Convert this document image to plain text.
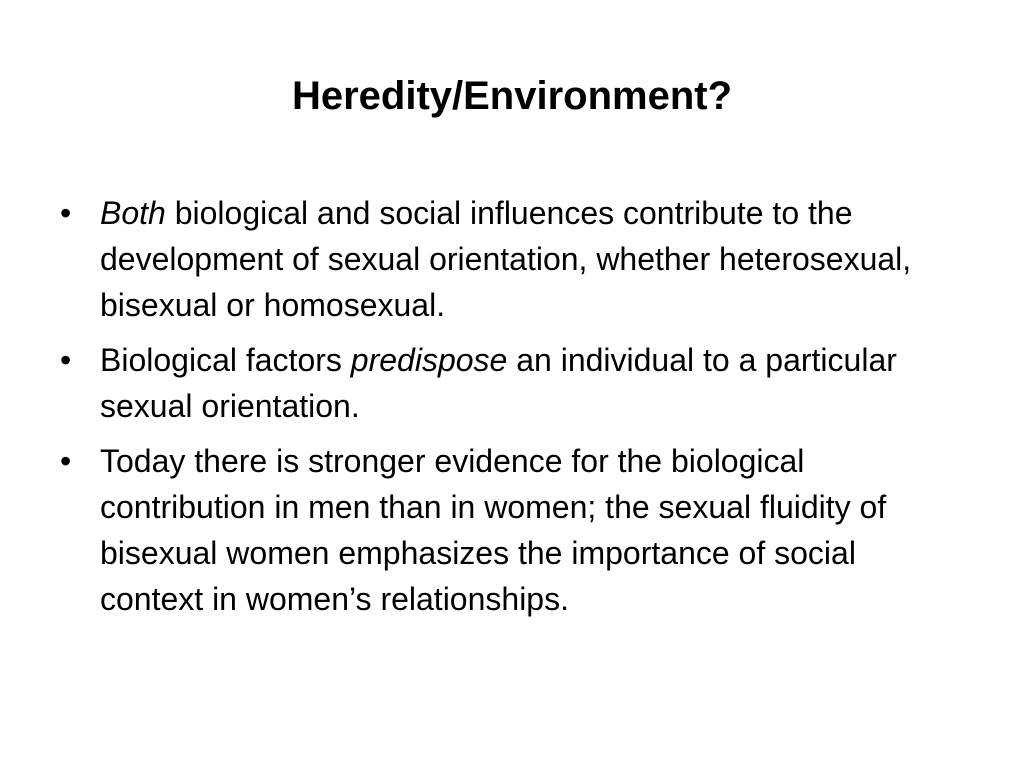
Heredity/Environment?
• Both biological and social influences contribute to the development of sexual orientation, whether heterosexual, bisexual or homosexual.
• Biological factors predispose an individual to a particular sexual orientation.
• Today there is stronger evidence for the biological contribution in men than in women; the sexual fluidity of bisexual women emphasizes the importance of social context in women’s relationships.
